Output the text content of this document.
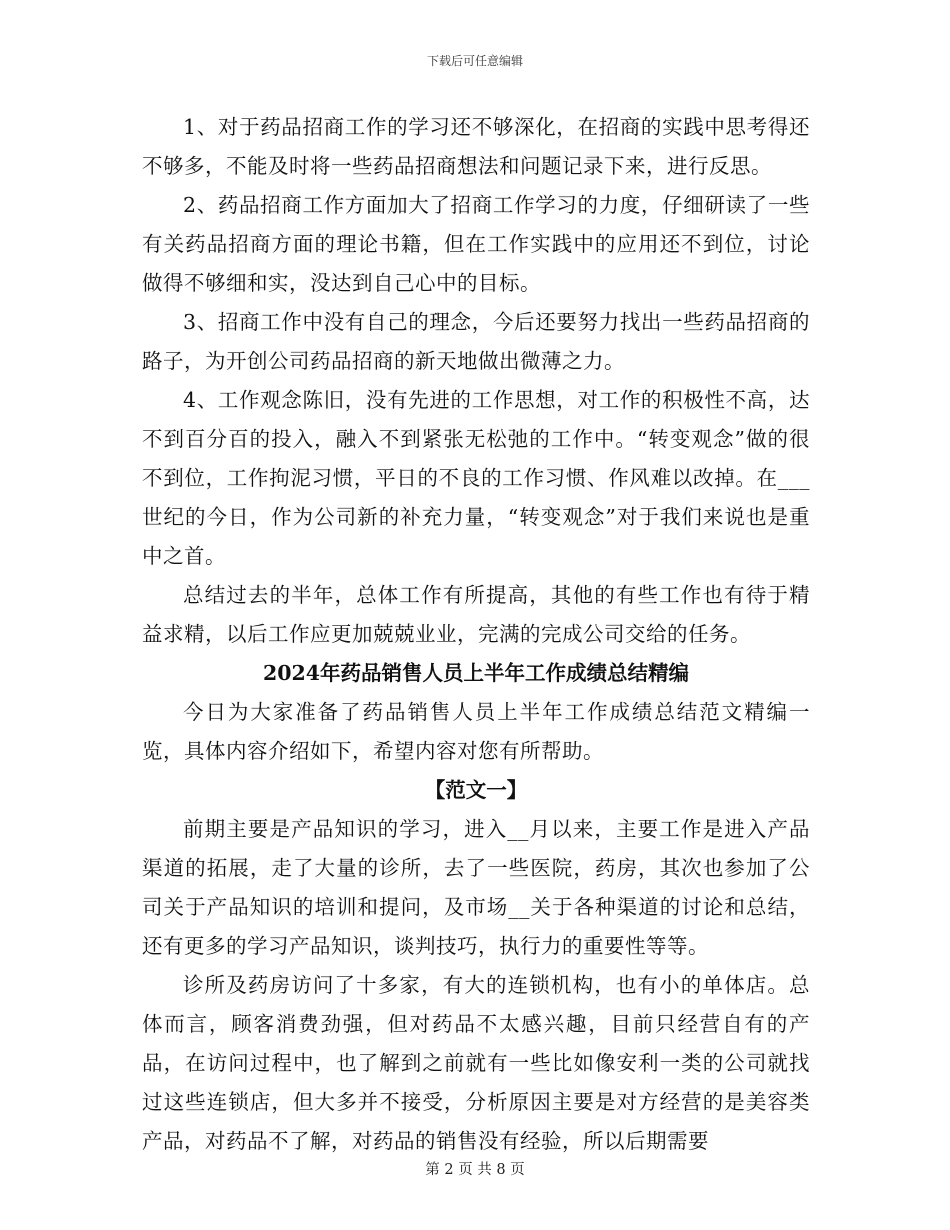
下载后可任意编辑

1、对于药品招商工作的学习还不够深化，在招商的实践中思考得还不够多，不能及时将一些药品招商想法和问题记录下来，进行反思。

2、药品招商工作方面加大了招商工作学习的力度，仔细研读了一些有关药品招商方面的理论书籍，但在工作实践中的应用还不到位，讨论做得不够细和实，没达到自己心中的目标。

3、招商工作中没有自己的理念，今后还要努力找出一些药品招商的路子，为开创公司药品招商的新天地做出微薄之力。

4、工作观念陈旧，没有先进的工作思想，对工作的积极性不高，达不到百分百的投入，融入不到紧张无松弛的工作中。“转变观念”做的很不到位，工作拘泥习惯，平日的不良的工作习惯、作风难以改掉。在___世纪的今日，作为公司新的补充力量，“转变观念”对于我们来说也是重中之首。

总结过去的半年，总体工作有所提高，其他的有些工作也有待于精益求精，以后工作应更加兢兢业业，完满的完成公司交给的任务。

2024年药品销售人员上半年工作成绩总结精编

今日为大家准备了药品销售人员上半年工作成绩总结范文精编一览，具体内容介绍如下，希望内容对您有所帮助。

【范文一】

前期主要是产品知识的学习，进入__月以来，主要工作是进入产品渠道的拓展，走了大量的诊所，去了一些医院，药房，其次也参加了公司关于产品知识的培训和提问，及市场__关于各种渠道的讨论和总结，还有更多的学习产品知识，谈判技巧，执行力的重要性等等。

诊所及药房访问了十多家，有大的连锁机构，也有小的单体店。总体而言，顾客消费劲强，但对药品不太感兴趣，目前只经营自有的产品，在访问过程中，也了解到之前就有一些比如像安利一类的公司就找过这些连锁店，但大多并不接受，分析原因主要是对方经营的是美容类产品，对药品不了解，对药品的销售没有经验，所以后期需要

第 2 页 共 8 页
